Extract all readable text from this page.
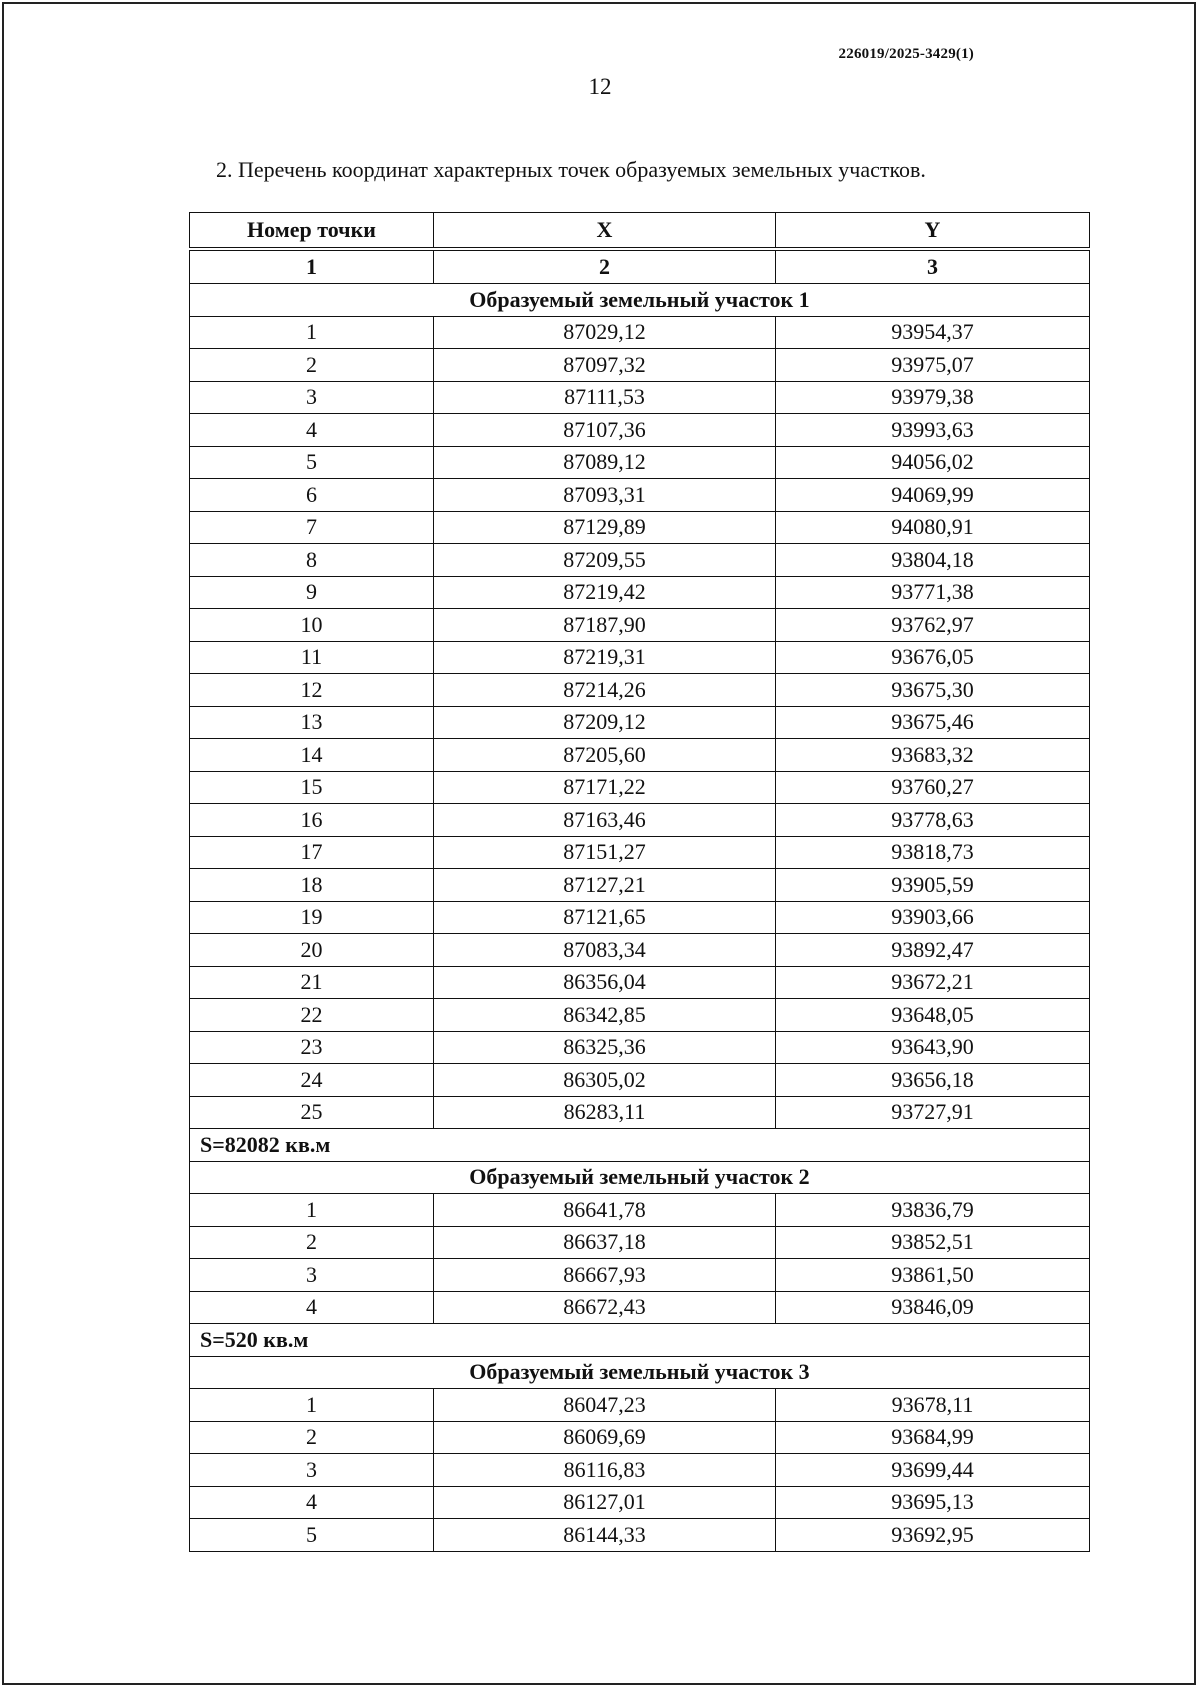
226019/2025-3429(1)
12
2. Перечень координат характерных точек образуемых земельных участков.
Номер точки	X	Y
1	2	3
Образуемый земельный участок 1		
1	87029,12	93954,37
2	87097,32	93975,07
3	87111,53	93979,38
4	87107,36	93993,63
5	87089,12	94056,02
6	87093,31	94069,99
7	87129,89	94080,91
8	87209,55	93804,18
9	87219,42	93771,38
10	87187,90	93762,97
11	87219,31	93676,05
12	87214,26	93675,30
13	87209,12	93675,46
14	87205,60	93683,32
15	87171,22	93760,27
16	87163,46	93778,63
17	87151,27	93818,73
18	87127,21	93905,59
19	87121,65	93903,66
20	87083,34	93892,47
21	86356,04	93672,21
22	86342,85	93648,05
23	86325,36	93643,90
24	86305,02	93656,18
25	86283,11	93727,91
S=82082 кв.м		
Образуемый земельный участок 2		
1	86641,78	93836,79
2	86637,18	93852,51
3	86667,93	93861,50
4	86672,43	93846,09
S=520 кв.м		
Образуемый земельный участок 3		
1	86047,23	93678,11
2	86069,69	93684,99
3	86116,83	93699,44
4	86127,01	93695,13
5	86144,33	93692,95
